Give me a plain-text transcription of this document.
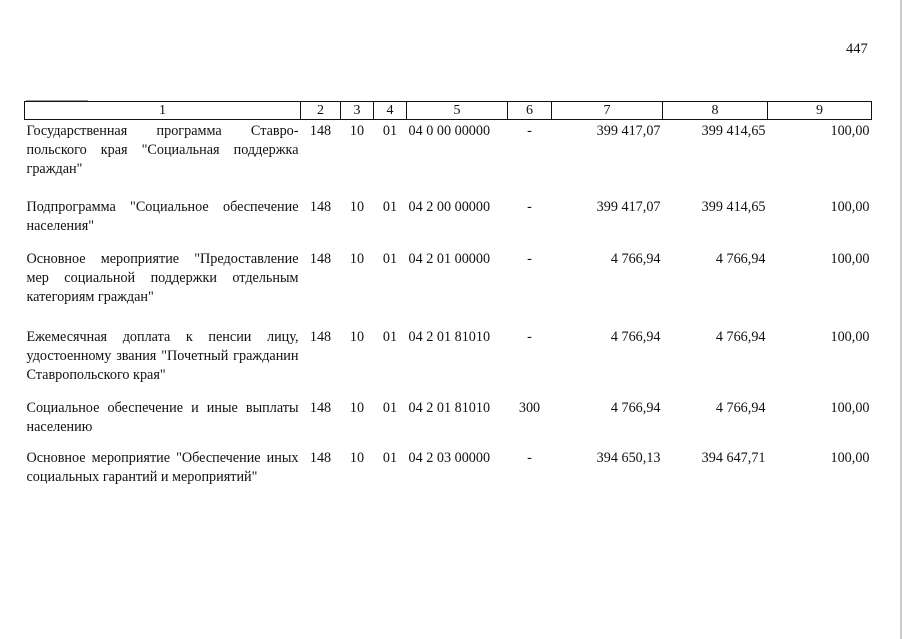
447
1	2	3	4	5	6	7	8	9
Государственная программа Ставро-польского края "Социальная поддержка граждан"	148	10	01	04 0 00 00000	-	399 417,07	399 414,65	100,00
Подпрограмма "Социальное обеспечение населения"	148	10	01	04 2 00 00000	-	399 417,07	399 414,65	100,00
Основное мероприятие "Предоставление мер социальной поддержки отдельным категориям граждан"	148	10	01	04 2 01 00000	-	4 766,94	4 766,94	100,00
Ежемесячная доплата к пенсии лицу, удостоенному звания "Почетный гражданин Ставропольского края"	148	10	01	04 2 01 81010	-	4 766,94	4 766,94	100,00
Социальное обеспечение и иные выплаты населению	148	10	01	04 2 01 81010	300	4 766,94	4 766,94	100,00
Основное мероприятие "Обеспечение иных социальных гарантий и мероприятий"	148	10	01	04 2 03 00000	-	394 650,13	394 647,71	100,00
